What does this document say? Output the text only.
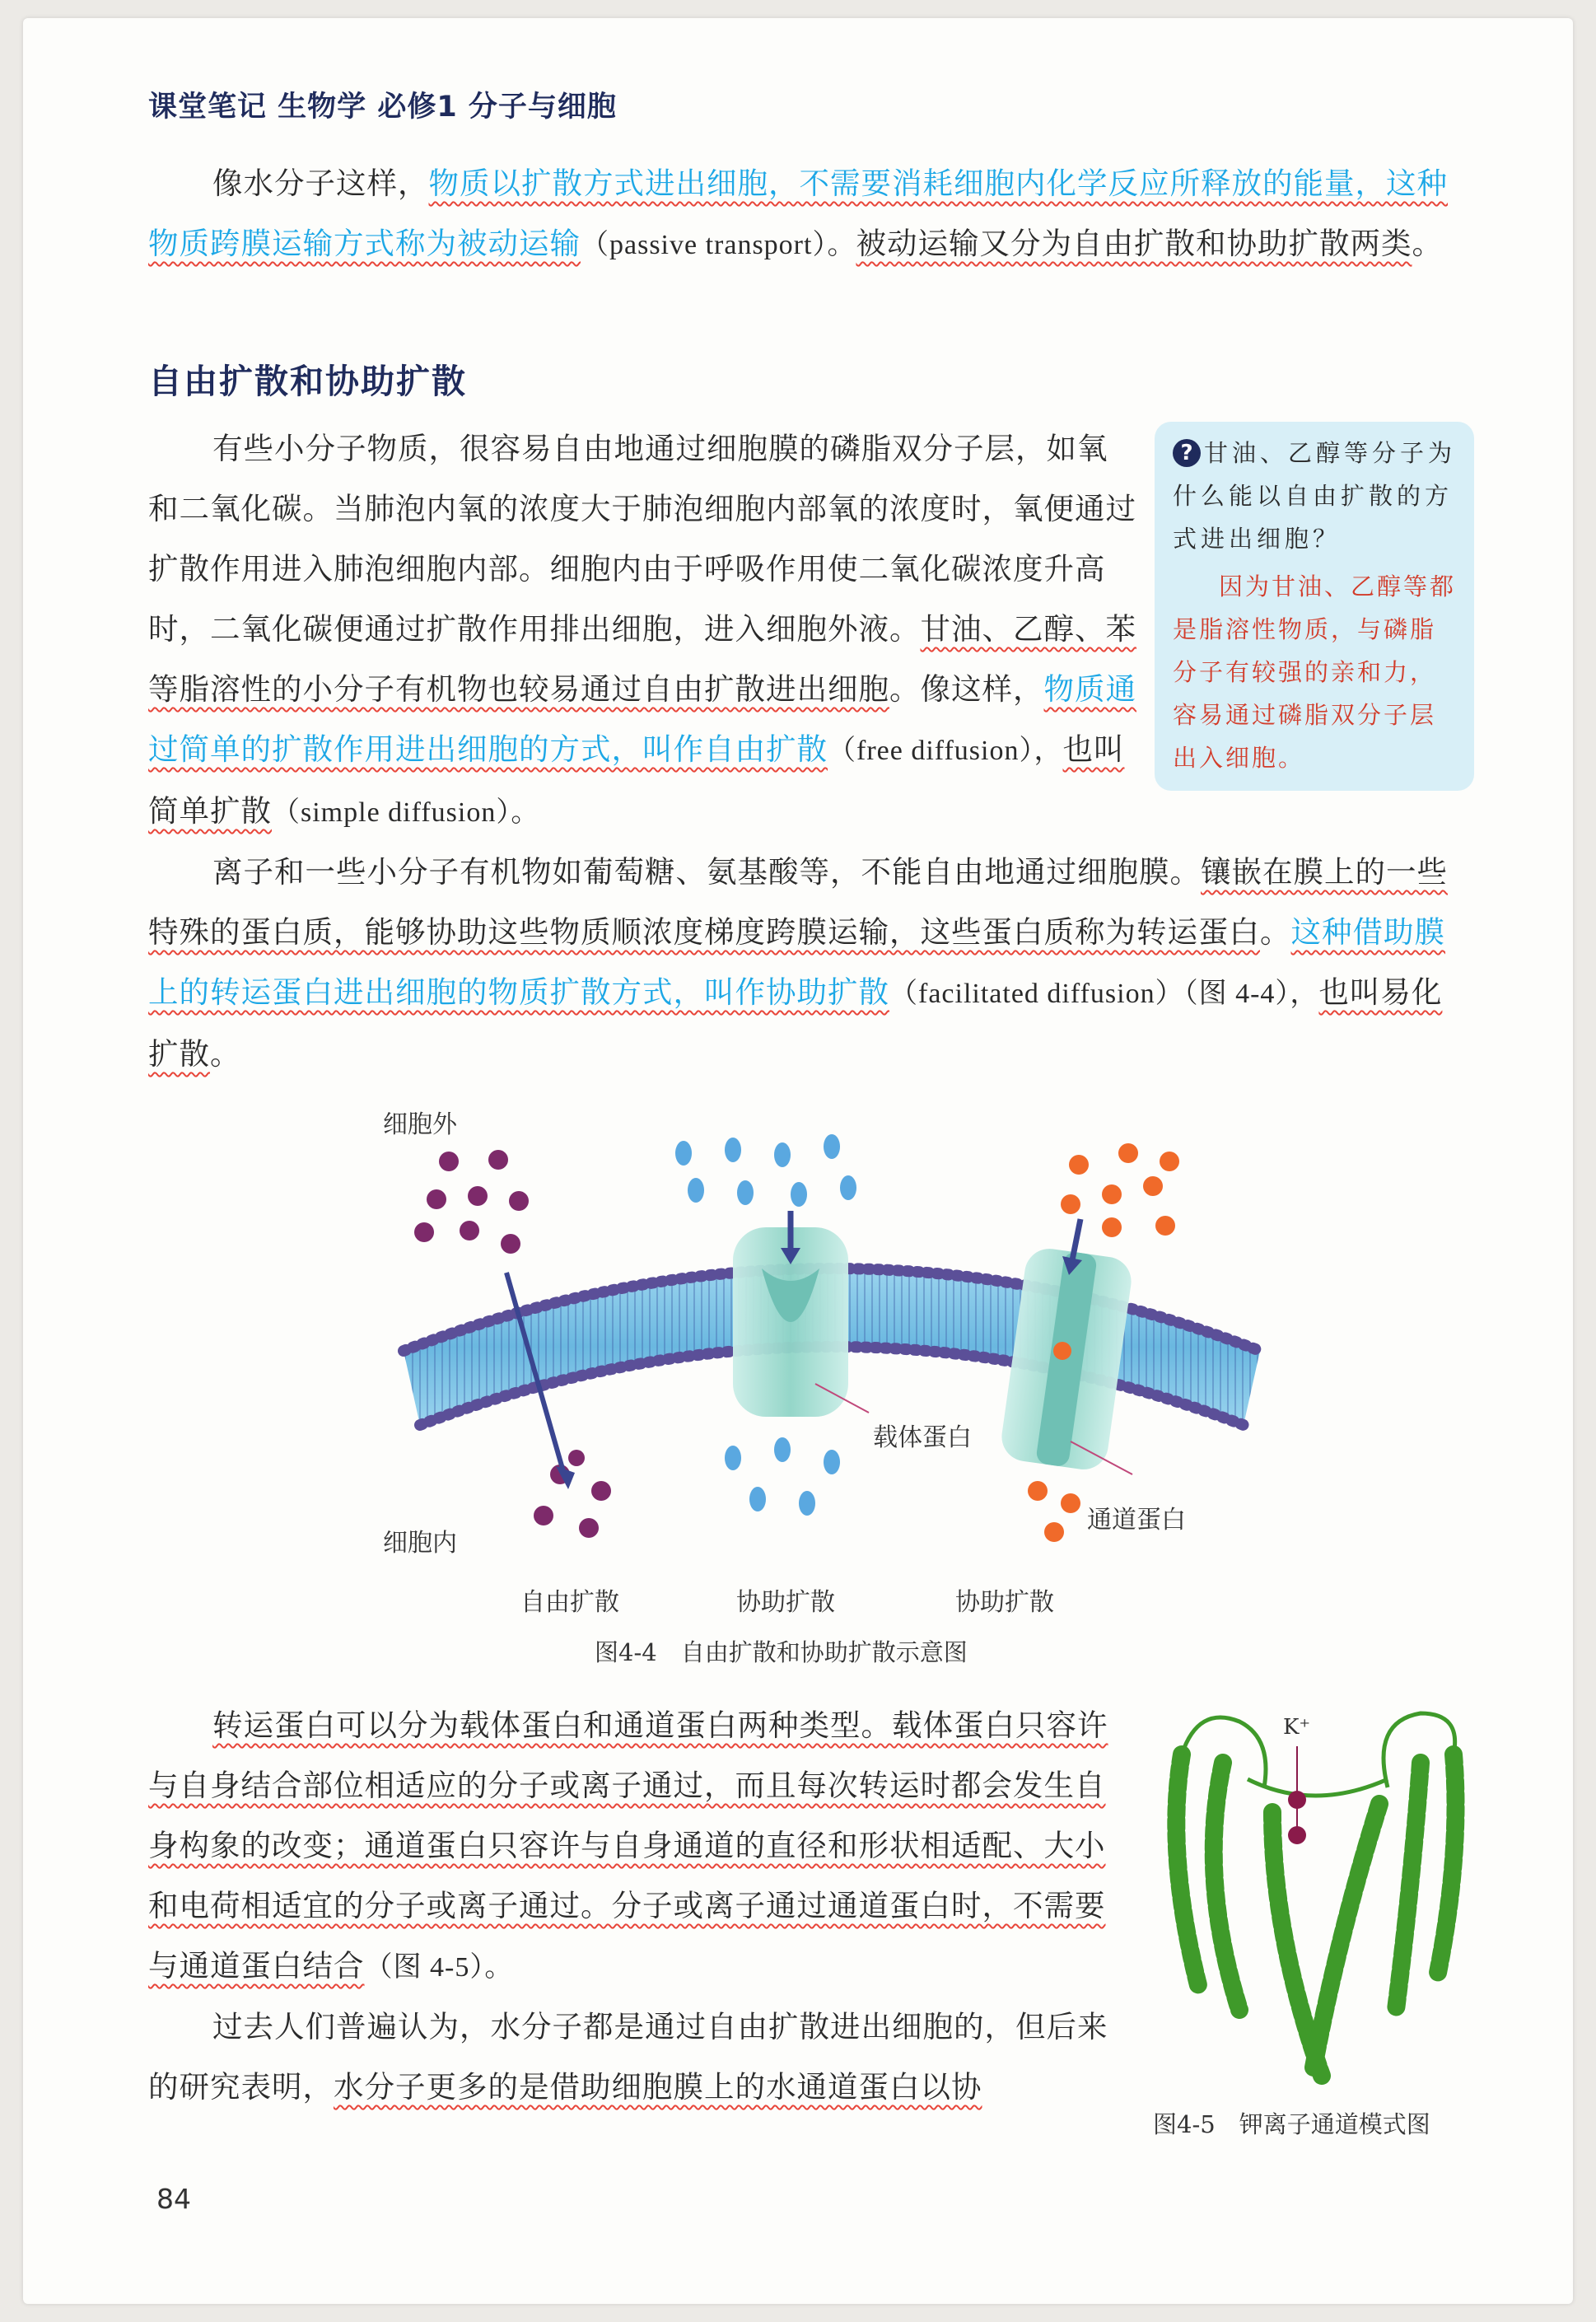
课堂笔记 生物学 必修1 分子与细胞

像水分子这样，物质以扩散方式进出细胞，不需要消耗细胞内化学反应所释放的能量，这种物质跨膜运输方式称为被动运输（passive transport）。被动运输又分为自由扩散和协助扩散两类。

自由扩散和协助扩散

有些小分子物质，很容易自由地通过细胞膜的磷脂双分子层，如氧和二氧化碳。当肺泡内氧的浓度大于肺泡细胞内部氧的浓度时，氧便通过扩散作用进入肺泡细胞内部。细胞内由于呼吸作用使二氧化碳浓度升高时，二氧化碳便通过扩散作用排出细胞，进入细胞外液。甘油、乙醇、苯等脂溶性的小分子有机物也较易通过自由扩散进出细胞。像这样，物质通过简单的扩散作用进出细胞的方式，叫作自由扩散（free diffusion），也叫简单扩散（simple diffusion）。

? 甘油、乙醇等分子为什么能以自由扩散的方式进出细胞？
因为甘油、乙醇等都是脂溶性物质，与磷脂分子有较强的亲和力，容易通过磷脂双分子层出入细胞。

离子和一些小分子有机物如葡萄糖、氨基酸等，不能自由地通过细胞膜。镶嵌在膜上的一些特殊的蛋白质，能够协助这些物质顺浓度梯度跨膜运输，这些蛋白质称为转运蛋白。这种借助膜上的转运蛋白进出细胞的物质扩散方式，叫作协助扩散（facilitated diffusion）（图 4-4），也叫易化扩散。

细胞外
细胞内
载体蛋白
通道蛋白
自由扩散	协助扩散	协助扩散
图4-4　自由扩散和协助扩散示意图

转运蛋白可以分为载体蛋白和通道蛋白两种类型。载体蛋白只容许与自身结合部位相适应的分子或离子通过，而且每次转运时都会发生自身构象的改变；通道蛋白只容许与自身通道的直径和形状相适配、大小和电荷相适宜的分子或离子通过。分子或离子通过通道蛋白时，不需要与通道蛋白结合（图 4-5）。

过去人们普遍认为，水分子都是通过自由扩散进出细胞的，但后来的研究表明，水分子更多的是借助细胞膜上的水通道蛋白以协

K⁺
图4-5　钾离子通道模式图
84
